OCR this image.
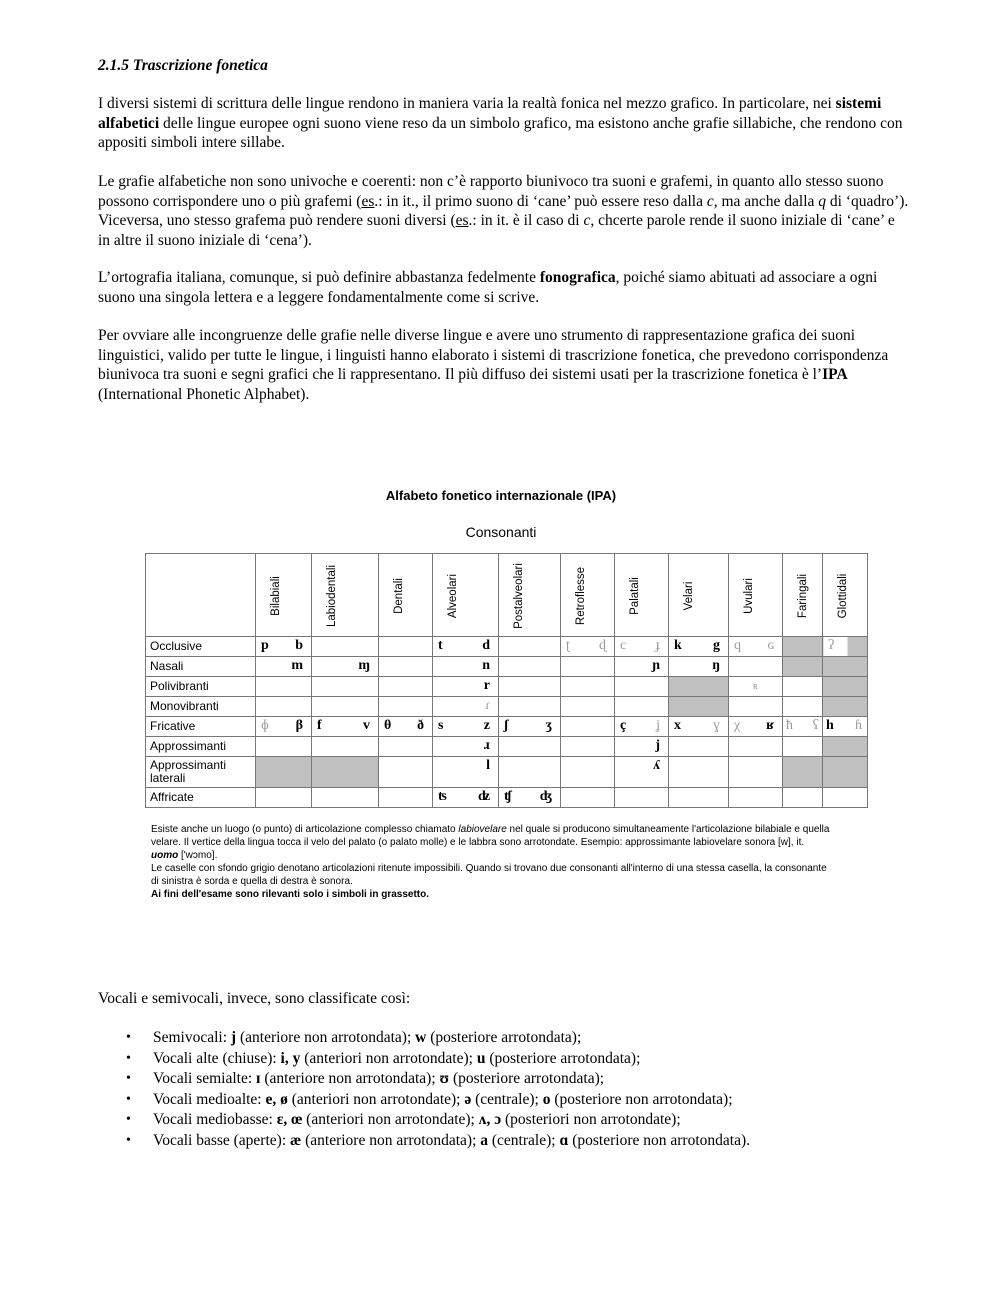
2.1.5 Trascrizione fonetica

I diversi sistemi di scrittura delle lingue rendono in maniera varia la realtà fonica nel mezzo grafico. In particolare, nei sistemi alfabetici delle lingue europee ogni suono viene reso da un simbolo grafico, ma esistono anche grafie sillabiche, che rendono con appositi simboli intere sillabe.

Le grafie alfabetiche non sono univoche e coerenti: non c’è rapporto biunivoco tra suoni e grafemi, in quanto allo stesso suono possono corrispondere uno o più grafemi (es.: in it., il primo suono di ‘cane’ può essere reso dalla c, ma anche dalla q di ‘quadro’). Viceversa, uno stesso grafema può rendere suoni diversi (es.: in it. è il caso di c, chcerte parole rende il suono iniziale di ‘cane’ e in altre il suono iniziale di ‘cena’).

L’ortografia italiana, comunque, si può definire abbastanza fedelmente fonografica, poiché siamo abituati ad associare a ogni suono una singola lettera e a leggere fondamentalmente come si scrive.

Per ovviare alle incongruenze delle grafie nelle diverse lingue e avere uno strumento di rappresentazione grafica dei suoni linguistici, valido per tutte le lingue, i linguisti hanno elaborato i sistemi di trascrizione fonetica, che prevedono corrispondenza biunivoca tra suoni e segni grafici che li rappresentano. Il più diffuso dei sistemi usati per la trascrizione fonetica è l’IPA (International Phonetic Alphabet).

Alfabeto fonetico internazionale (IPA)
Consonanti

	Bilabiali	Labiodentali	Dentali	Alveolari	Postalveolari	Retroflesse	Palatali	Velari	Uvulari	Faringali	Glottidali

Occlusive	p b			t d		ʈ ɖ	c ɟ	k g	q ɢ		ʔ

Nasali	m	ɱ		n			ɲ	ŋ			

Polivibranti				r					ʀ		

Monovibranti				ɾ							

Fricative	ɸ β	f v	θ ð	s z	ʃ ʒ		ç ʝ	x ɣ	χ ʁ	ħ ʕ	h ɦ

Approssimanti				ɹ			j				

Approssimanti laterali				l			ʎ				

Affricate				ʦ ʣ	ʧ ʤ						

Esiste anche un luogo (o punto) di articolazione complesso chiamato labiovelare nel quale si producono simultaneamente l'articolazione bilabiale e quella velare. Il vertice della lingua tocca il velo del palato (o palato molle) e le labbra sono arrotondate. Esempio: approssimante labiovelare sonora [w], it. uomo ['wɔmo].
Le caselle con sfondo grigio denotano articolazioni ritenute impossibili. Quando si trovano due consonanti all'interno di una stessa casella, la consonante di sinistra è sorda e quella di destra è sonora.
Ai fini dell'esame sono rilevanti solo i simboli in grassetto.

Vocali e semivocali, invece, sono classificate così:
• Semivocali: j (anteriore non arrotondata); w (posteriore arrotondata);
• Vocali alte (chiuse): i, y (anteriori non arrotondate); u (posteriore arrotondata);
• Vocali semialte: ɪ (anteriore non arrotondata); ʊ (posteriore arrotondata);
• Vocali medioalte: e, ø (anteriori non arrotondate); ə (centrale); o (posteriore non arrotondata);
• Vocali mediobasse: ɛ, œ (anteriori non arrotondate); ʌ, ɔ (posteriori non arrotondate);
• Vocali basse (aperte): æ (anteriore non arrotondata); a (centrale); ɑ (posteriore non arrotondata).
